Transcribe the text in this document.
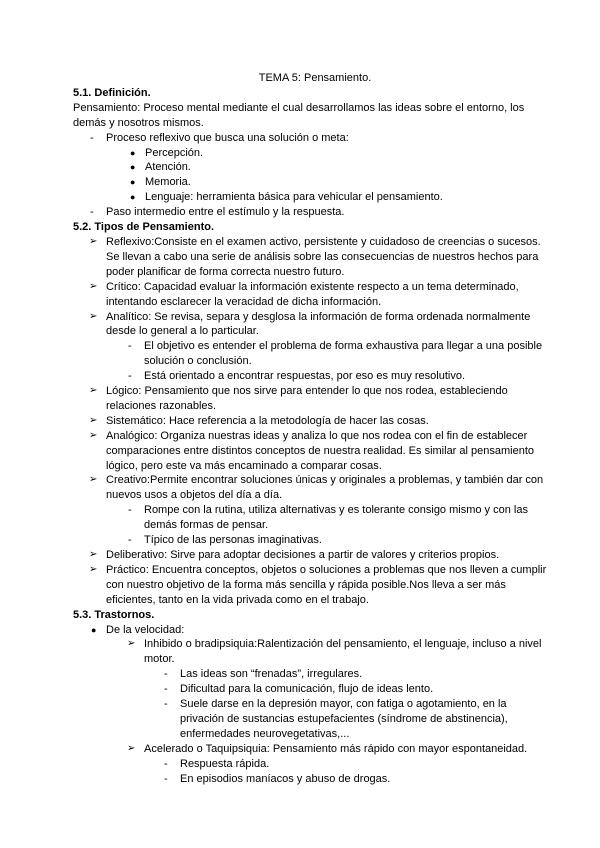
TEMA 5: Pensamiento.
5.1. Definición.
Pensamiento: Proceso mental mediante el cual desarrollamos las ideas sobre el entorno, los demás y nosotros mismos.
- Proceso reflexivo que busca una solución o meta:
● Percepción.
● Atención.
● Memoria.
● Lenguaje: herramienta básica para vehicular el pensamiento.
- Paso intermedio entre el estímulo y la respuesta.
5.2. Tipos de Pensamiento.
➢ Reflexivo:Consiste en el examen activo, persistente y cuidadoso de creencias o sucesos. Se llevan a cabo una serie de análisis sobre las consecuencias de nuestros hechos para poder planificar de forma correcta nuestro futuro.
➢ Crítico: Capacidad evaluar la información existente respecto a un tema determinado, intentando esclarecer la veracidad de dicha información.
➢ Analítico: Se revisa, separa y desglosa la información de forma ordenada normalmente desde lo general a lo particular.
- El objetivo es entender el problema de forma exhaustiva para llegar a una posible solución o conclusión.
- Está orientado a encontrar respuestas, por eso es muy resolutivo.
➢ Lógico: Pensamiento que nos sirve para entender lo que nos rodea, estableciendo relaciones razonables.
➢ Sistemático: Hace referencia a la metodología de hacer las cosas.
➢ Analógico: Organiza nuestras ideas y analiza lo que nos rodea con el fin de establecer comparaciones entre distintos conceptos de nuestra realidad. Es similar al pensamiento lógico, pero este va más encaminado a comparar cosas.
➢ Creativo:Permite encontrar soluciones únicas y originales a problemas, y también dar con nuevos usos a objetos del día a día.
- Rompe con la rutina, utiliza alternativas y es tolerante consigo mismo y con las demás formas de pensar.
- Típico de las personas imaginativas.
➢ Deliberativo: Sirve para adoptar decisiones a partir de valores y criterios propios.
➢ Práctico: Encuentra conceptos, objetos o soluciones a problemas que nos lleven a cumplir con nuestro objetivo de la forma más sencilla y rápida posible.Nos lleva a ser más eficientes, tanto en la vida privada como en el trabajo.
5.3. Trastornos.
● De la velocidad:
➢ Inhibido o bradipsiquia:Ralentización del pensamiento, el lenguaje, incluso a nivel motor.
- Las ideas son “frenadas”, irregulares.
- Dificultad para la comunicación, flujo de ideas lento.
- Suele darse en la depresión mayor, con fatiga o agotamiento, en la privación de sustancias estupefacientes (síndrome de abstinencia), enfermedades neurovegetativas,...
➢ Acelerado o Taquipsiquia: Pensamiento más rápido con mayor espontaneidad.
- Respuesta rápida.
- En episodios maníacos y abuso de drogas.
